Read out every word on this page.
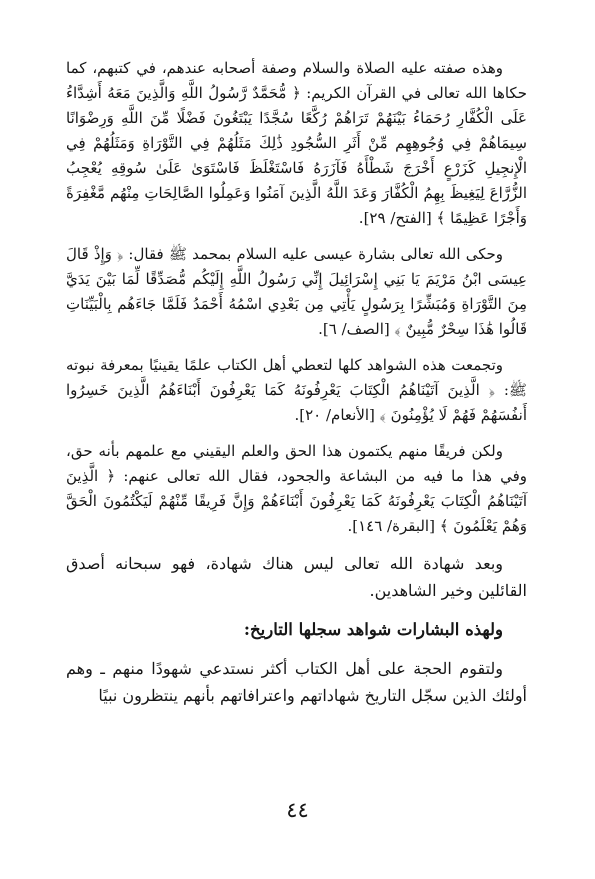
وهذه صفته عليه الصلاة والسلام وصفة أصحابه عندهم، في كتبهم، كما حكاها الله تعالى في القرآن الكريم: ﴿ مُّحَمَّدٌ رَّسُولُ اللَّهِ وَالَّذِينَ مَعَهُ أَشِدَّاءُ عَلَى الْكُفَّارِ رُحَمَاءُ بَيْنَهُمْ تَرَاهُمْ رُكَّعًا سُجَّدًا يَبْتَغُونَ فَضْلًا مِّنَ اللَّهِ وَرِضْوَانًا سِيمَاهُمْ فِي وُجُوهِهِم مِّنْ أَثَرِ السُّجُودِ ذَٰلِكَ مَثَلُهُمْ فِي التَّوْرَاةِ وَمَثَلُهُمْ فِي الْإِنجِيلِ كَزَرْعٍ أَخْرَجَ شَطْأَهُ فَآزَرَهُ فَاسْتَغْلَظَ فَاسْتَوَىٰ عَلَىٰ سُوقِهِ يُعْجِبُ الزُّرَّاعَ لِيَغِيظَ بِهِمُ الْكُفَّارَ وَعَدَ اللَّهُ الَّذِينَ آمَنُوا وَعَمِلُوا الصَّالِحَاتِ مِنْهُم مَّغْفِرَةً وَأَجْرًا عَظِيمًا ﴾ [الفتح/ ٢٩].

وحكى الله تعالى بشارة عيسى عليه السلام بمحمد ﷺ فقال: ﴿ وَإِذْ قَالَ عِيسَى ابْنُ مَرْيَمَ يَا بَنِي إِسْرَائِيلَ إِنِّي رَسُولُ اللَّهِ إِلَيْكُم مُّصَدِّقًا لِّمَا بَيْنَ يَدَيَّ مِنَ التَّوْرَاةِ وَمُبَشِّرًا بِرَسُولٍ يَأْتِي مِن بَعْدِي اسْمُهُ أَحْمَدُ فَلَمَّا جَاءَهُم بِالْبَيِّنَاتِ قَالُوا هَٰذَا سِحْرٌ مُّبِينٌ ﴾ [الصف/ ٦].

وتجمعت هذه الشواهد كلها لتعطي أهل الكتاب علمًا يقينيًا بمعرفة نبوته ﷺ: ﴿ الَّذِينَ آتَيْنَاهُمُ الْكِتَابَ يَعْرِفُونَهُ كَمَا يَعْرِفُونَ أَبْنَاءَهُمُ الَّذِينَ خَسِرُوا أَنفُسَهُمْ فَهُمْ لَا يُؤْمِنُونَ ﴾ [الأنعام/ ٢٠].

ولكن فريقًا منهم يكتمون هذا الحق والعلم اليقيني مع علمهم بأنه حق، وفي هذا ما فيه من البشاعة والجحود، فقال الله تعالى عنهم: ﴿ الَّذِينَ آتَيْنَاهُمُ الْكِتَابَ يَعْرِفُونَهُ كَمَا يَعْرِفُونَ أَبْنَاءَهُمْ وَإِنَّ فَرِيقًا مِّنْهُمْ لَيَكْتُمُونَ الْحَقَّ وَهُمْ يَعْلَمُونَ ﴾ [البقرة/ ١٤٦].

وبعد شهادة الله تعالى ليس هناك شهادة، فهو سبحانه أصدق القائلين وخير الشاهدين.

ولهذه البشارات شواهد سجلها التاريخ:

ولتقوم الحجة على أهل الكتاب أكثر نستدعي شهودًا منهم ـ وهم أولئك الذين سجّل التاريخ شهاداتهم واعترافاتهم بأنهم ينتظرون نبيًا

٤٤
